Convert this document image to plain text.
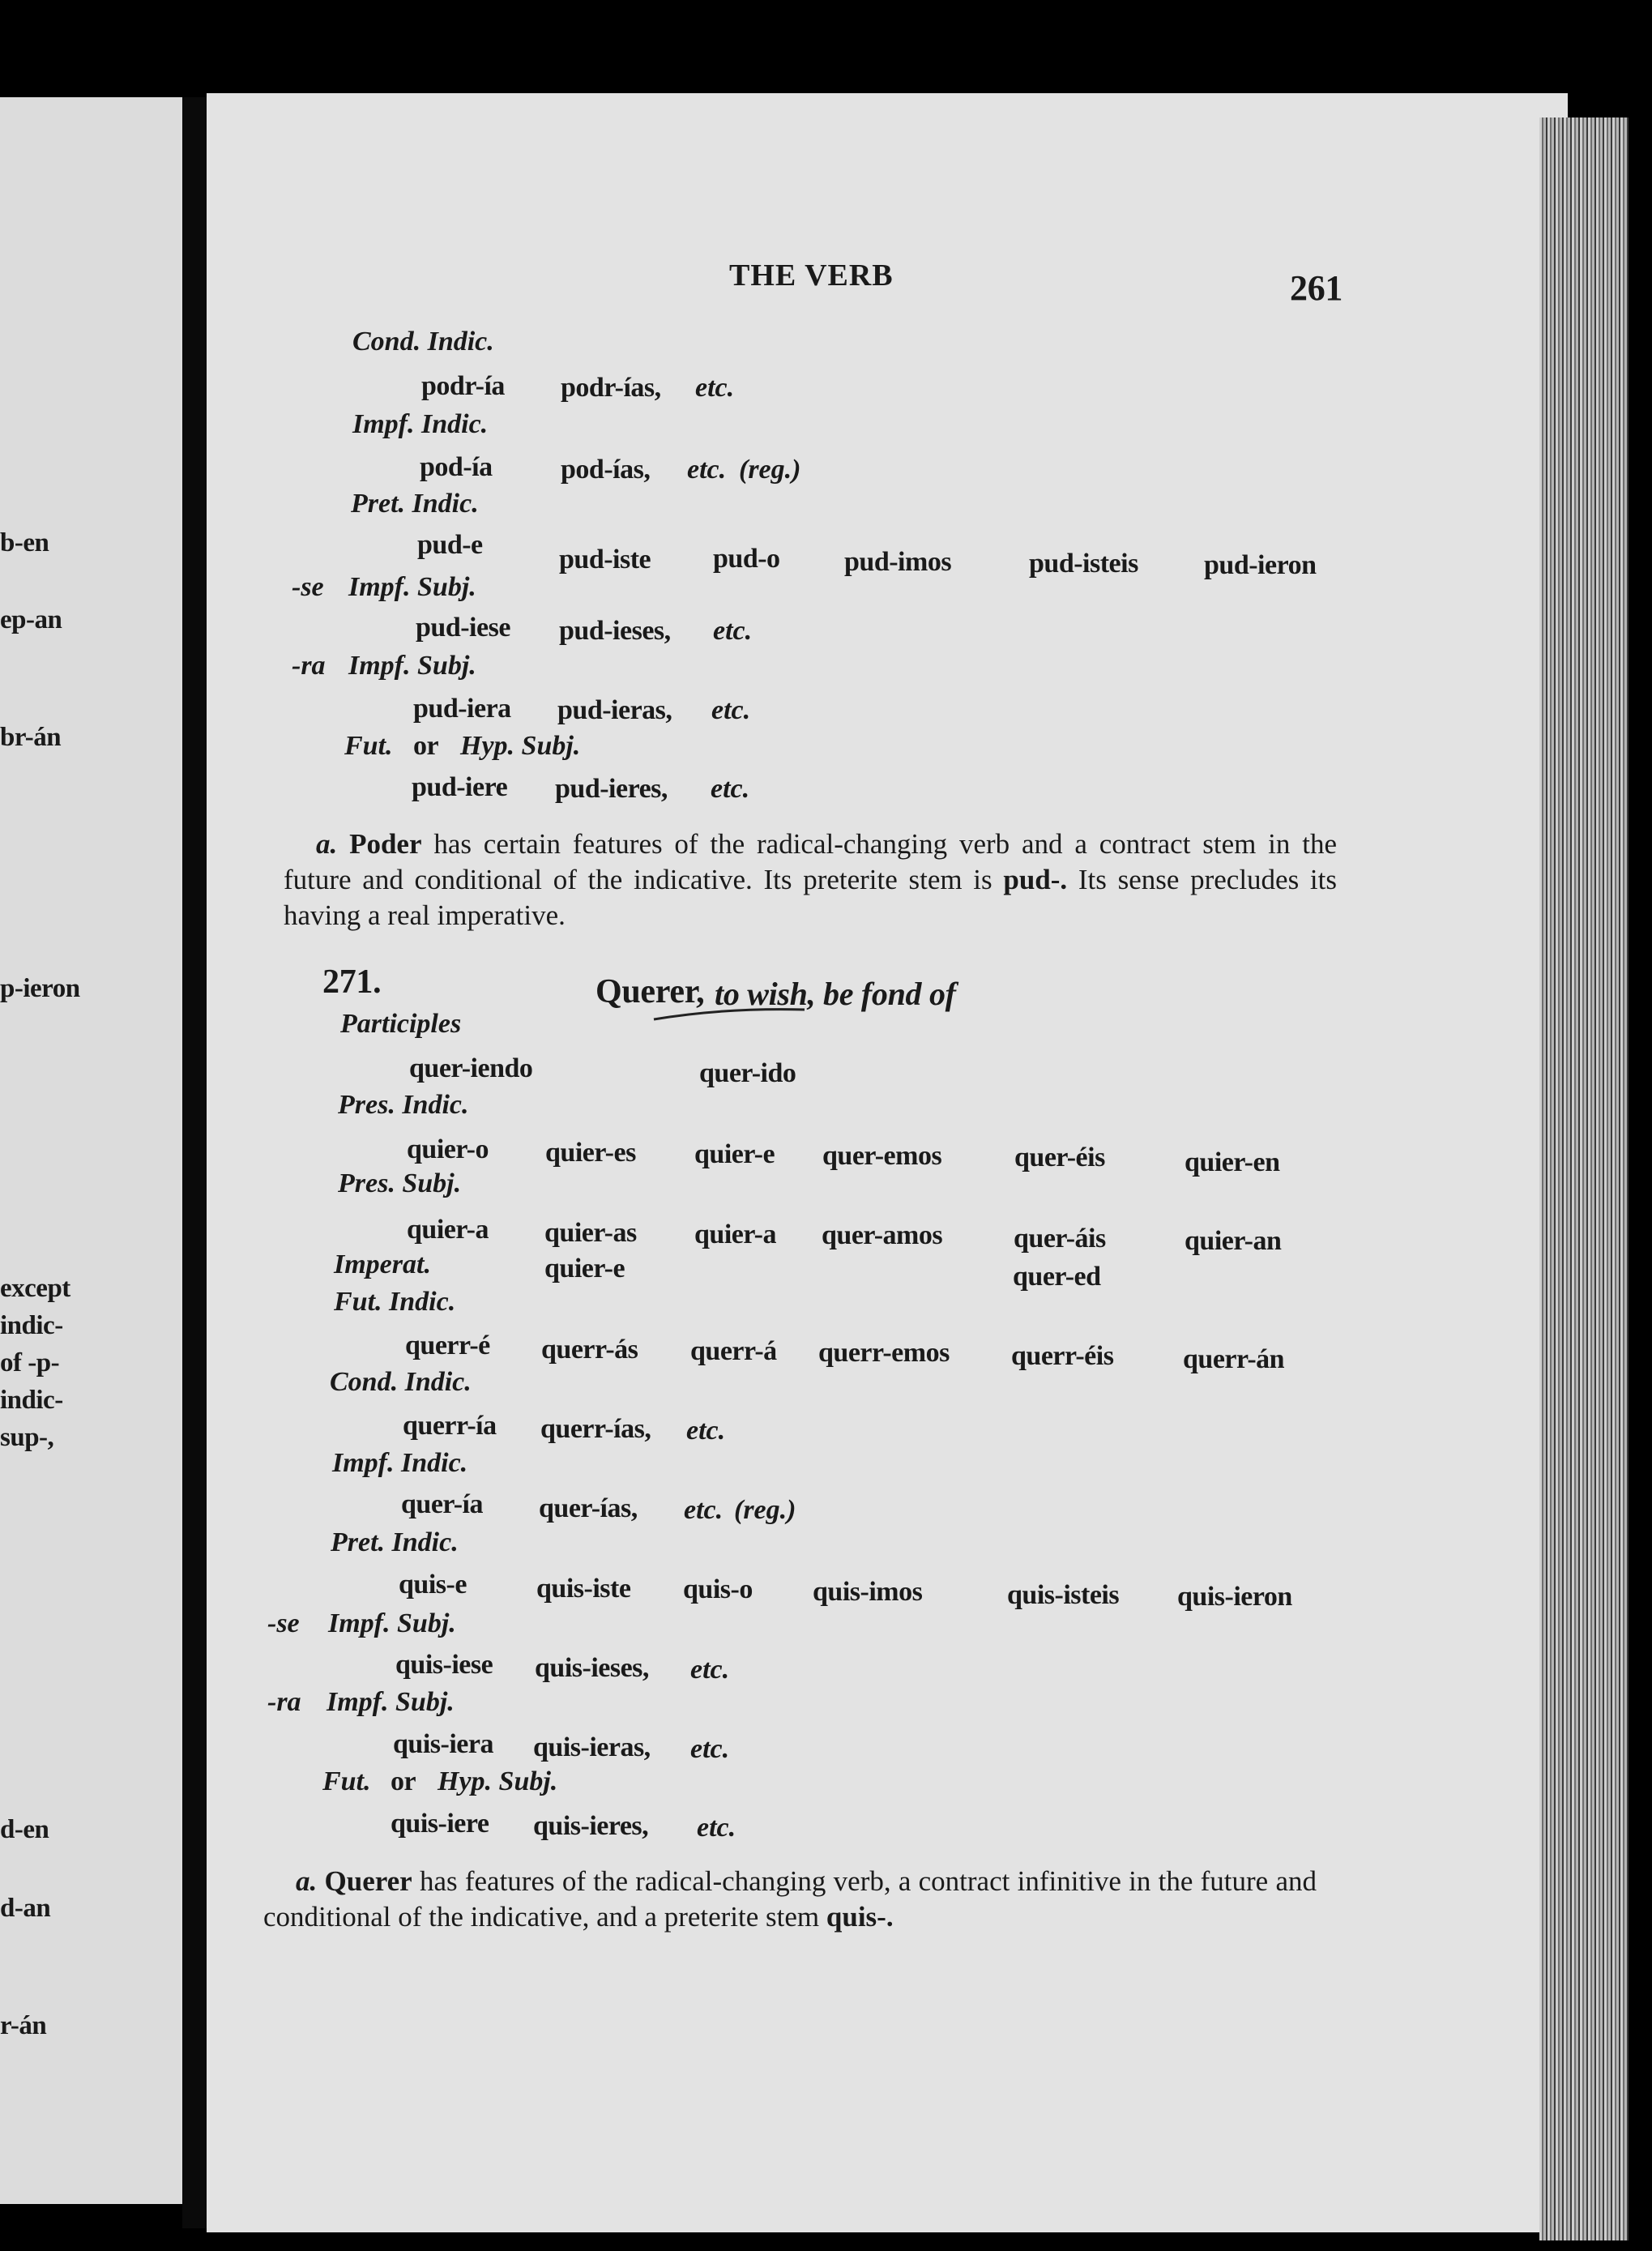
b-en
ep-an
br-án
p-ieron
except
indic-
of -p-
indic-
sup-,
d-en
d-an
r-án
THE VERB	261
Cond. Indic.
podr-ía podr-ías, etc.
Impf. Indic.
pod-ía pod-ías, etc. (reg.)
Pret. Indic.
pud-e	pud-iste pud-o pud-imos	pud-isteis pud-ieron
-se Impf. Subj.
pud-iese pud-ieses, etc.
-ra Impf. Subj.
pud-iera pud-ieras, etc.
Fut. or Hyp. Subj.
pud-iere pud-ieres, etc.

a. Poder has certain features of the radical-changing verb and a contract stem in the future and conditional of the indicative. Its preterite stem is pud-. Its sense precludes its having a real imperative.

271.	Querer, to wish, be fond of
Participles
quer-iendo	quer-ido
Pres. Indic.
quier-o quier-es quier-e quer-emos	quer-éis	quier-en
Pres. Subj.
quier-a quier-as quier-a quer-amos	quer-áis	quier-an
Imperat.	quier-e	quer-ed
Fut. Indic.
querr-é querr-ás querr-á querr-emos querr-éis	querr-án
Cond. Indic.
querr-ía querr-ías, etc.
Impf. Indic.
quer-ía quer-ías, etc. (reg.)
Pret. Indic.
quis-e	quis-iste quis-o quis-imos	quis-isteis quis-ieron
-se Impf. Subj.
quis-iese quis-ieses, etc.
-ra Impf. Subj.
quis-iera quis-ieras, etc.
Fut. or Hyp. Subj.
quis-iere quis-ieres, etc.

a. Querer has features of the radical-changing verb, a contract infinitive in the future and conditional of the indicative, and a preterite stem quis-.
